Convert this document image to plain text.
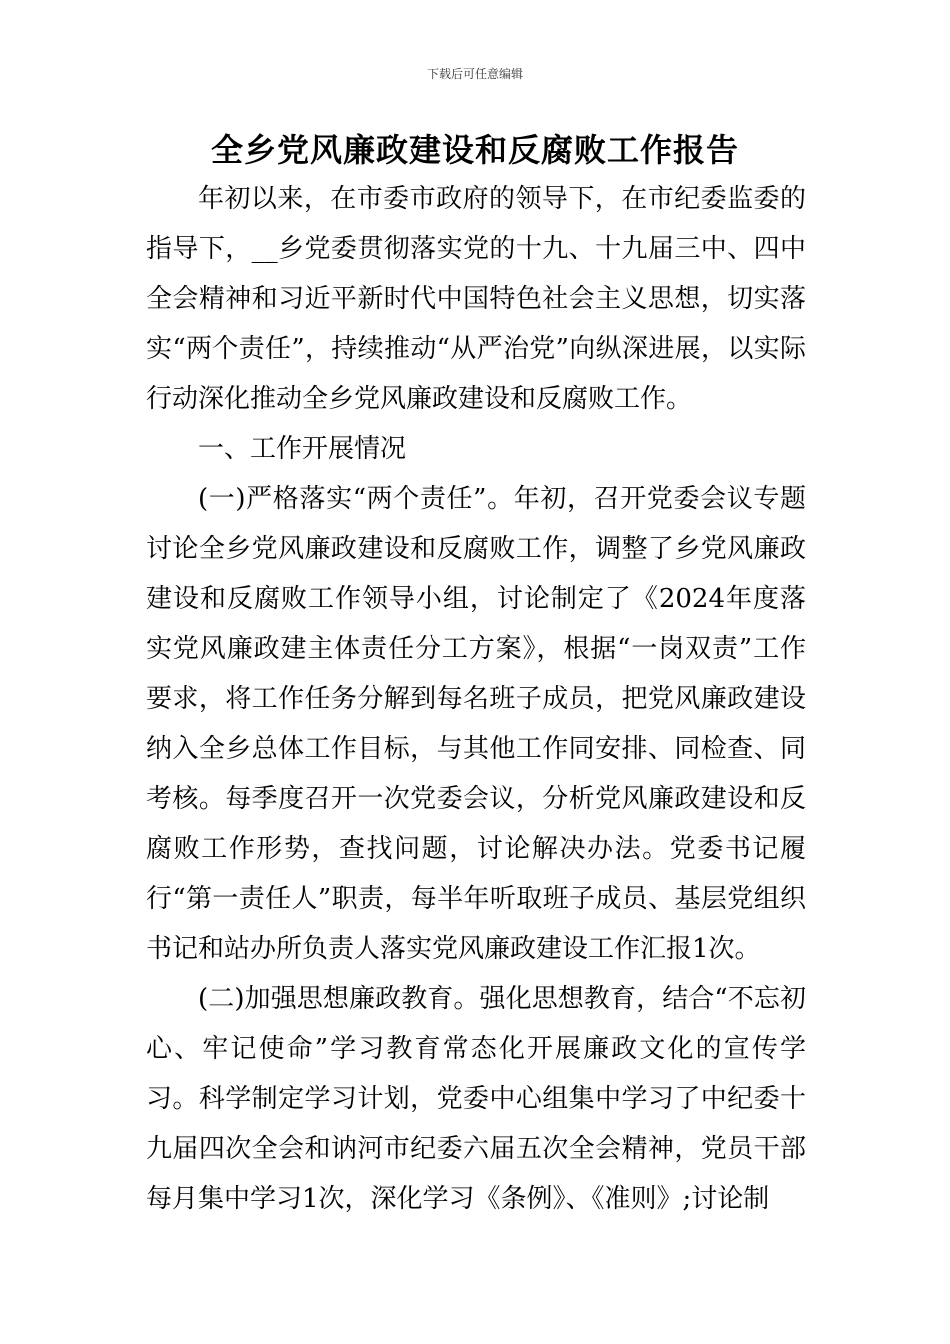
下载后可任意编辑
全乡党风廉政建设和反腐败工作报告

年初以来，在市委市政府的领导下，在市纪委监委的指导下，__乡党委贯彻落实党的十九、十九届三中、四中全会精神和习近平新时代中国特色社会主义思想，切实落实“两个责任”，持续推动“从严治党”向纵深进展，以实际行动深化推动全乡党风廉政建设和反腐败工作。

一、工作开展情况

(一)严格落实“两个责任”。年初，召开党委会议专题讨论全乡党风廉政建设和反腐败工作，调整了乡党风廉政建设和反腐败工作领导小组，讨论制定了《2024年度落实党风廉政建主体责任分工方案》，根据“一岗双责”工作要求，将工作任务分解到每名班子成员，把党风廉政建设纳入全乡总体工作目标，与其他工作同安排、同检查、同考核。每季度召开一次党委会议，分析党风廉政建设和反腐败工作形势，查找问题，讨论解决办法。党委书记履行“第一责任人”职责，每半年听取班子成员、基层党组织书记和站办所负责人落实党风廉政建设工作汇报1次。

(二)加强思想廉政教育。强化思想教育，结合“不忘初心、牢记使命”学习教育常态化开展廉政文化的宣传学习。科学制定学习计划，党委中心组集中学习了中纪委十九届四次全会和讷河市纪委六届五次全会精神，党员干部每月集中学习1次，深化学习《条例》、《准则》;讨论制
